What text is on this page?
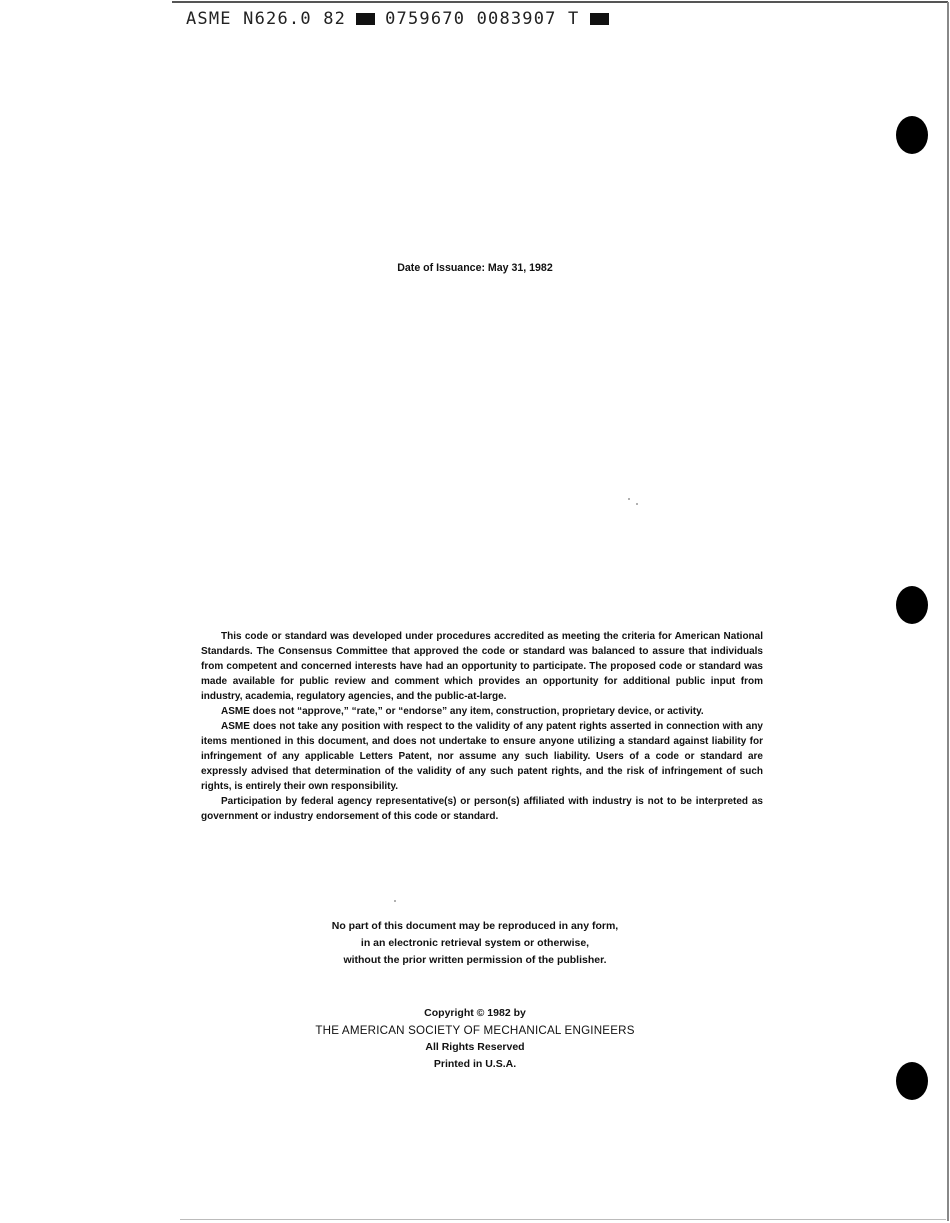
ASME N626.0 82 0759670 0083907 T
Date of Issuance: May 31, 1982

This code or standard was developed under procedures accredited as meeting the criteria for American National Standards. The Consensus Committee that approved the code or standard was balanced to assure that individuals from competent and concerned interests have had an opportunity to participate. The proposed code or standard was made available for public review and comment which provides an opportunity for additional public input from industry, academia, regulatory agencies, and the public-at-large.

ASME does not “approve,” “rate,” or “endorse” any item, construction, proprietary device, or activity.

ASME does not take any position with respect to the validity of any patent rights asserted in connection with any items mentioned in this document, and does not undertake to ensure anyone utilizing a standard against liability for infringement of any applicable Letters Patent, nor assume any such liability. Users of a code or standard are expressly advised that determination of the validity of any such patent rights, and the risk of infringement of such rights, is entirely their own responsibility.

Participation by federal agency representative(s) or person(s) affiliated with industry is not to be interpreted as government or industry endorsement of this code or standard.

No part of this document may be reproduced in any form,
in an electronic retrieval system or otherwise,
without the prior written permission of the publisher.
Copyright © 1982 by
THE AMERICAN SOCIETY OF MECHANICAL ENGINEERS
All Rights Reserved
Printed in U.S.A.
